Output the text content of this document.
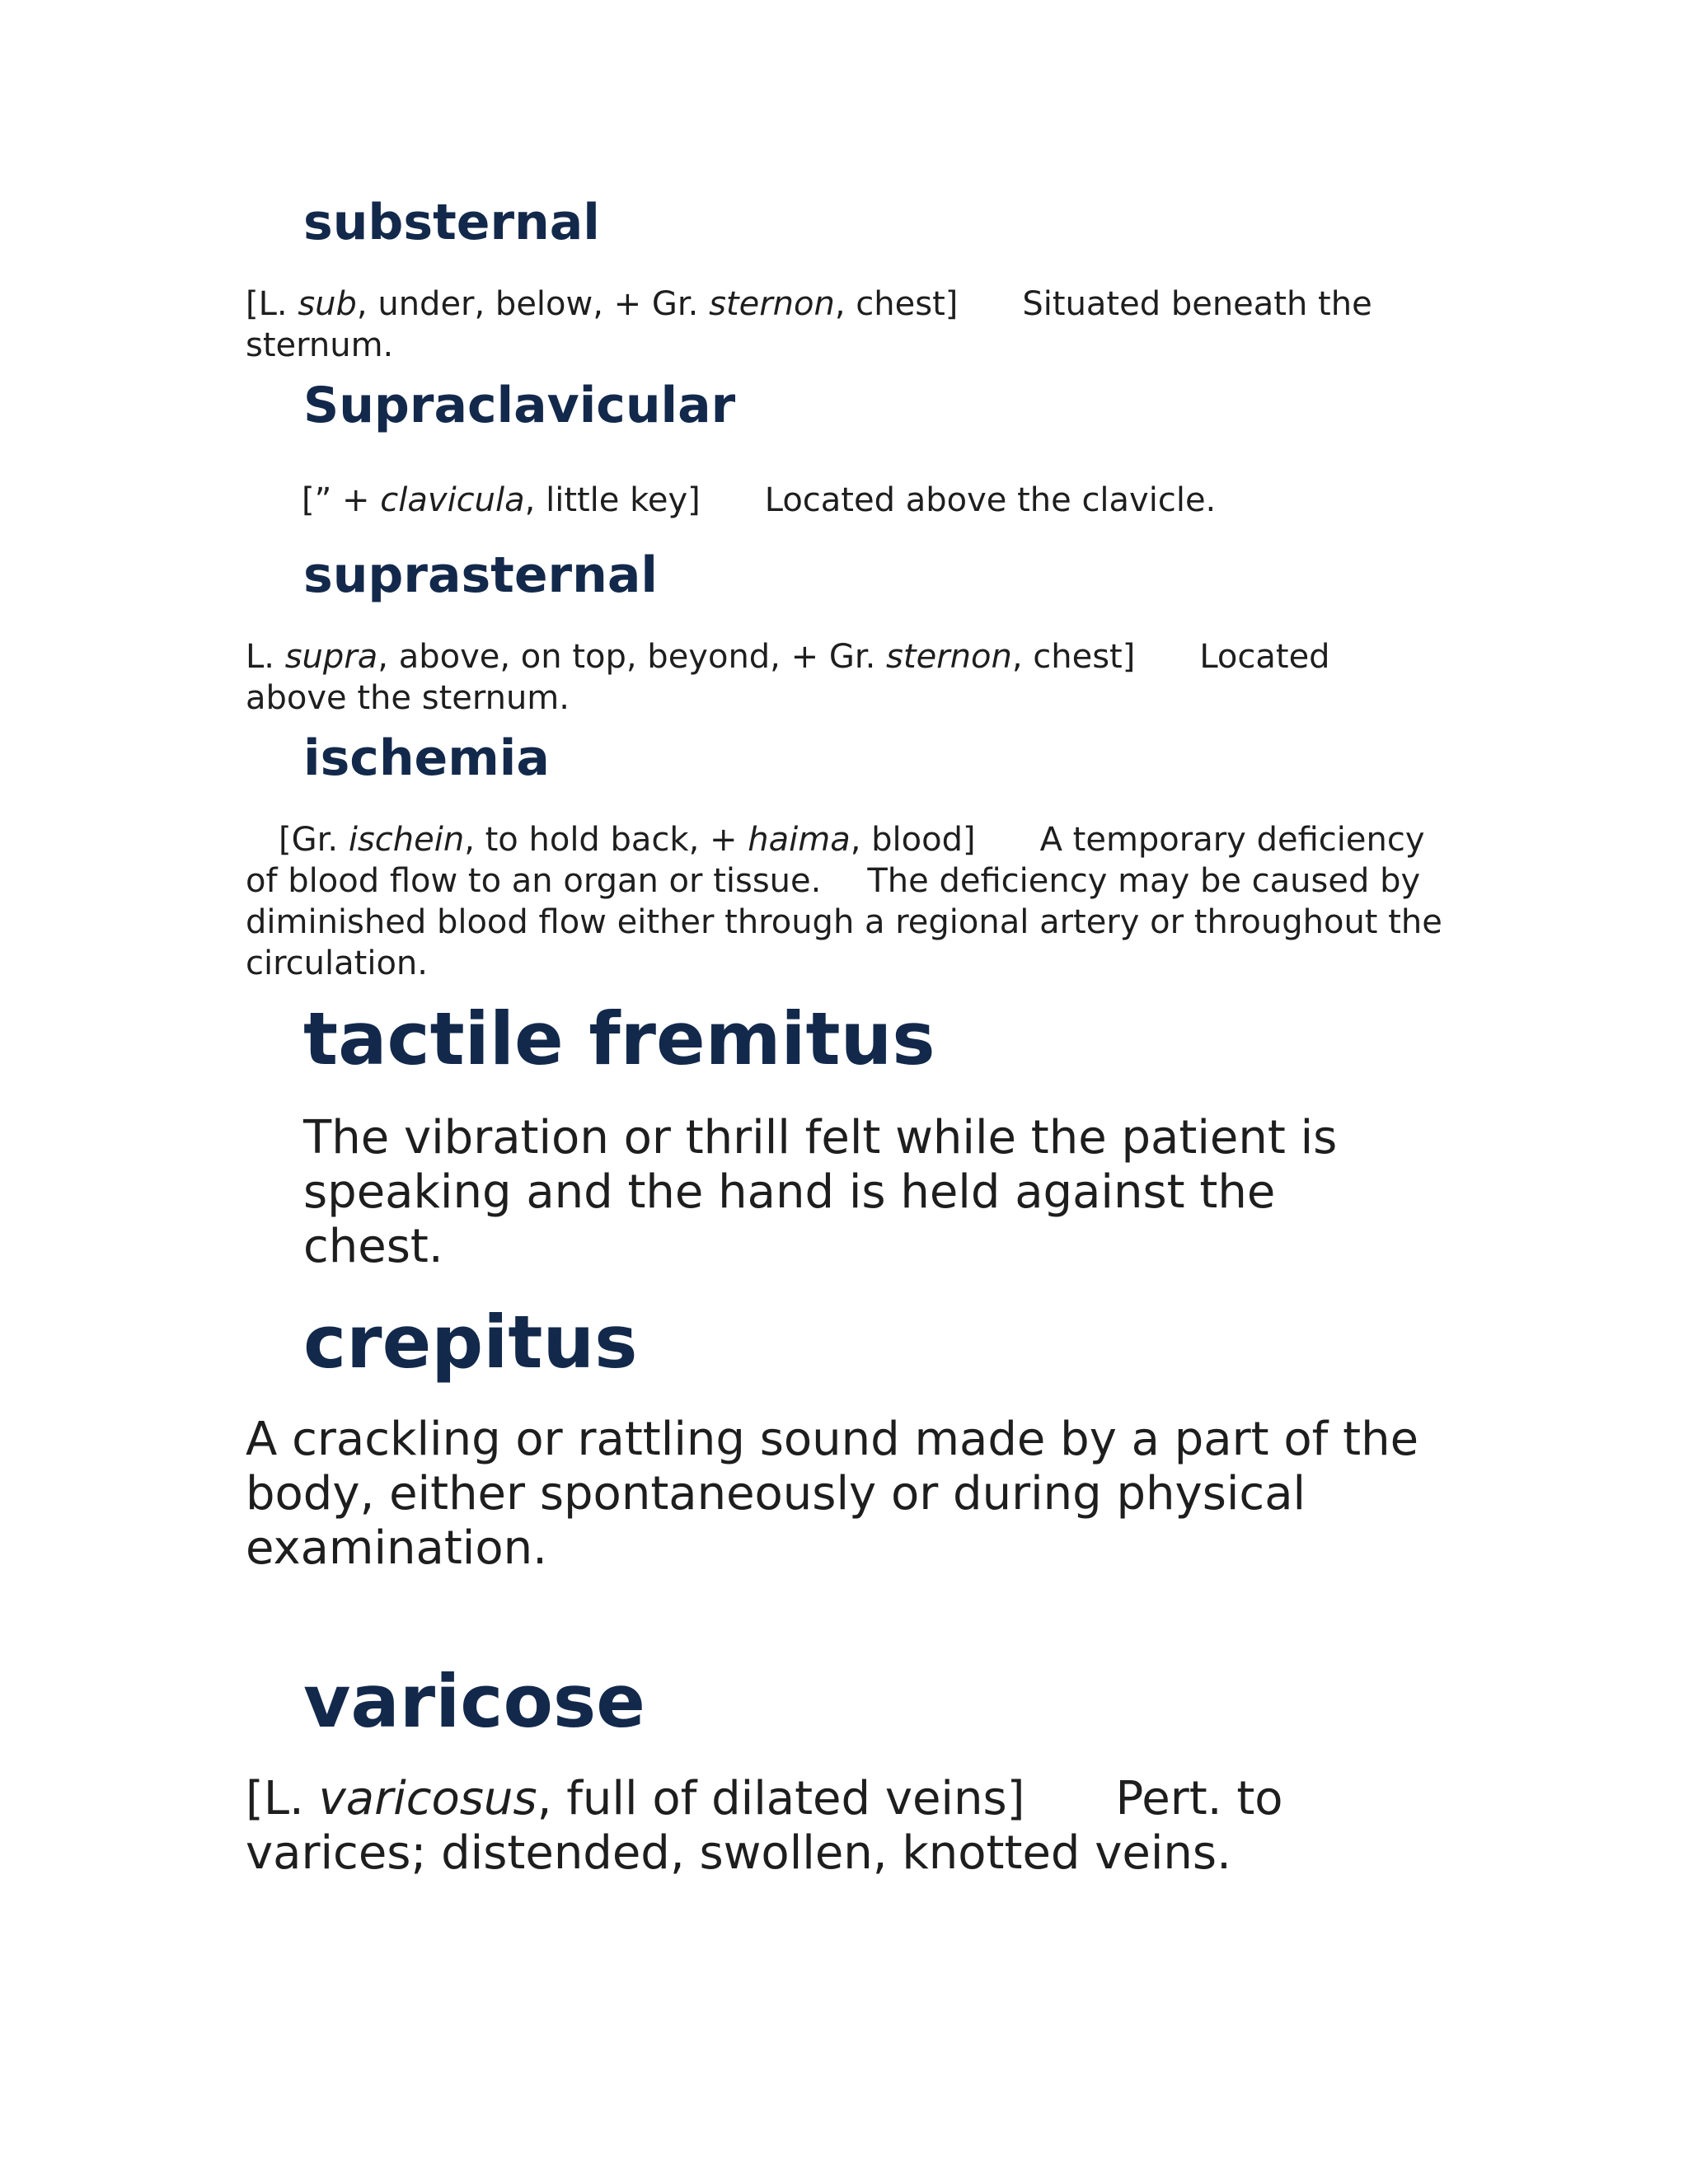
substernal

[L. sub, under, below, + Gr. sternon, chest] Situated beneath the sternum.

Supraclavicular

[” + clavicula, little key] Located above the clavicle.

suprasternal

L. supra, above, on top, beyond, + Gr. sternon, chest] Located above the sternum.

ischemia

[Gr. ischein, to hold back, + haima, blood] A temporary deficiency of blood flow to an organ or tissue. The deficiency may be caused by diminished blood flow either through a regional artery or throughout the circulation.

tactile fremitus

The vibration or thrill felt while the patient is speaking and the hand is held against the chest.

crepitus

A crackling or rattling sound made by a part of the body, either spontaneously or during physical examination.

varicose

[L. varicosus, full of dilated veins] Pert. to varices; distended, swollen, knotted veins.
